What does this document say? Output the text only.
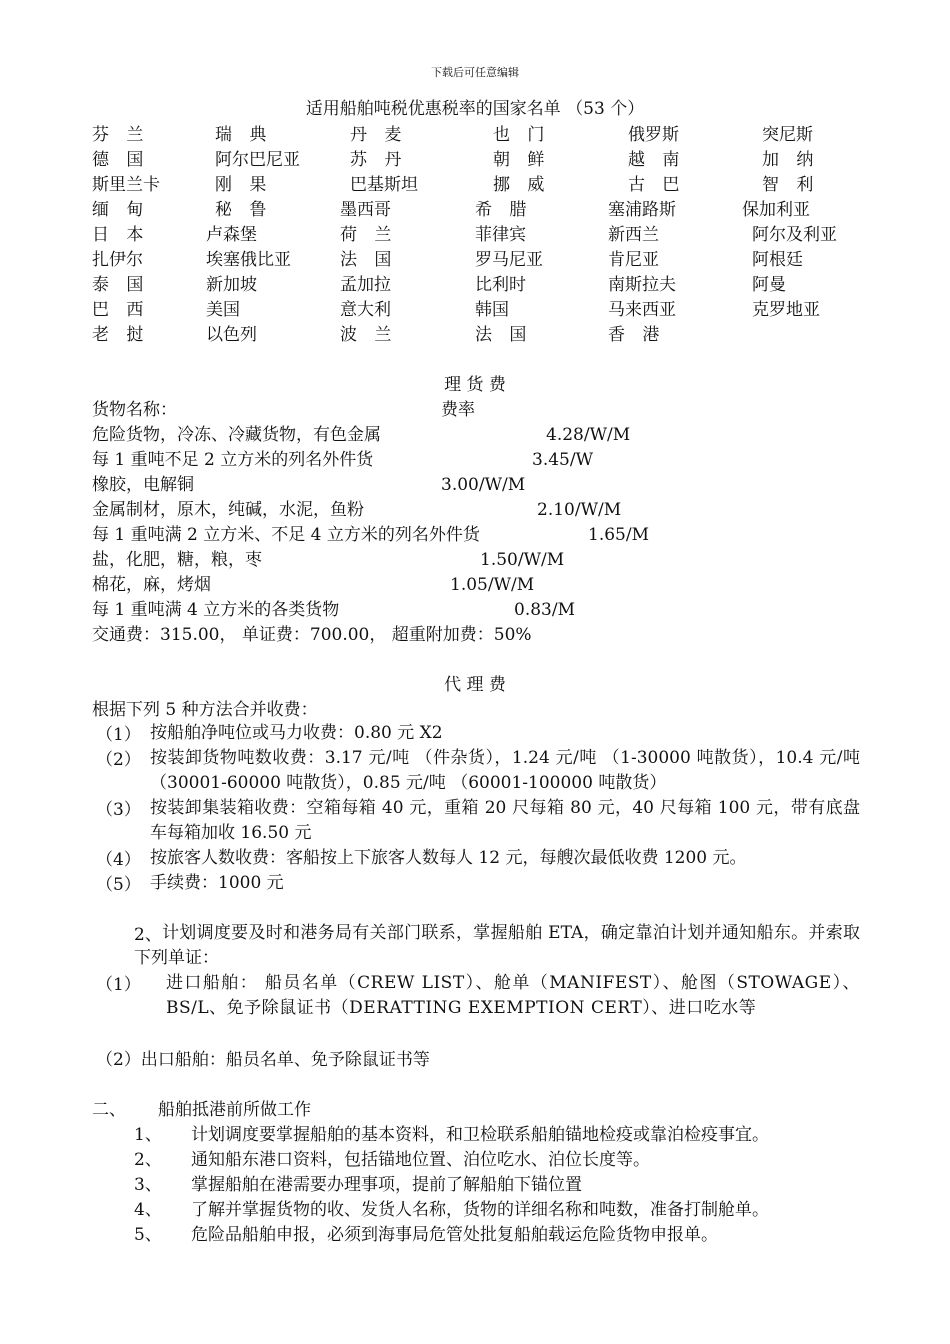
下载后可任意编辑
适用船舶吨税优惠税率的国家名单 （53 个）
芬 兰	瑞 典	丹 麦	也 门	俄罗斯	突尼斯
德 国	阿尔巴尼亚	苏 丹	朝 鲜	越 南	加 纳
斯里兰卡	刚 果	巴基斯坦	挪 威	古 巴	智 利
缅 甸	秘 鲁	墨西哥	希 腊	塞浦路斯	保加利亚
日 本	卢森堡	荷 兰	菲律宾	新西兰	阿尔及利亚
扎伊尔	埃塞俄比亚	法 国	罗马尼亚	肯尼亚	阿根廷
泰 国	新加坡	孟加拉	比利时	南斯拉夫	阿曼
巴 西	美国	意大利	韩国	马来西亚	克罗地亚
老 挝	以色列	波 兰	法 国	香 港
理 货 费
货物名称：	费率
危险货物，冷冻、冷藏货物，有色金属	4.28/W/M
每 1 重吨不足 2 立方米的列名外件货	3.45/W
橡胶，电解铜	3.00/W/M
金属制材，原木，纯碱，水泥，鱼粉	2.10/W/M
每 1 重吨满 2 立方米、不足 4 立方米的列名外件货	1.65/M
盐，化肥，糖，粮，枣	1.50/W/M
棉花，麻，烤烟	1.05/W/M
每 1 重吨满 4 立方米的各类货物	0.83/M
交通费：315.00， 单证费：700.00， 超重附加费：50%
代 理 费
根据下列 5 种方法合并收费：
（1） 按船舶净吨位或马力收费：0.80 元 X2
（2） 按装卸货物吨数收费：3.17 元/吨 （件杂货），1.24 元/吨 （1-30000 吨散货），10.4 元/吨 （30001-60000 吨散货），0.85 元/吨 （60001-100000 吨散货）
（3） 按装卸集装箱收费：空箱每箱 40 元，重箱 20 尺每箱 80 元，40 尺每箱 100 元，带有底盘车每箱加收 16.50 元
（4） 按旅客人数收费：客船按上下旅客人数每人 12 元，每艘次最低收费 1200 元。
（5） 手续费：1000 元
2、 计划调度要及时和港务局有关部门联系，掌握船舶 ETA，确定靠泊计划并通知船东。并索取下列单证：
（1） 进口船舶： 船员名单（CREW LIST）、舱单（MANIFEST）、舱图（STOWAGE）、BS/L、免予除鼠证书（DERATTING EXEMPTION CERT）、进口吃水等
（2）出口船舶：船员名单、免予除鼠证书等
二、 船舶抵港前所做工作
1、 计划调度要掌握船舶的基本资料，和卫检联系船舶锚地检疫或靠泊检疫事宜。
2、 通知船东港口资料，包括锚地位置、泊位吃水、泊位长度等。
3、 掌握船舶在港需要办理事项，提前了解船舶下锚位置
4、 了解并掌握货物的收、发货人名称，货物的详细名称和吨数，准备打制舱单。
5、 危险品船舶申报，必须到海事局危管处批复船舶载运危险货物申报单。
